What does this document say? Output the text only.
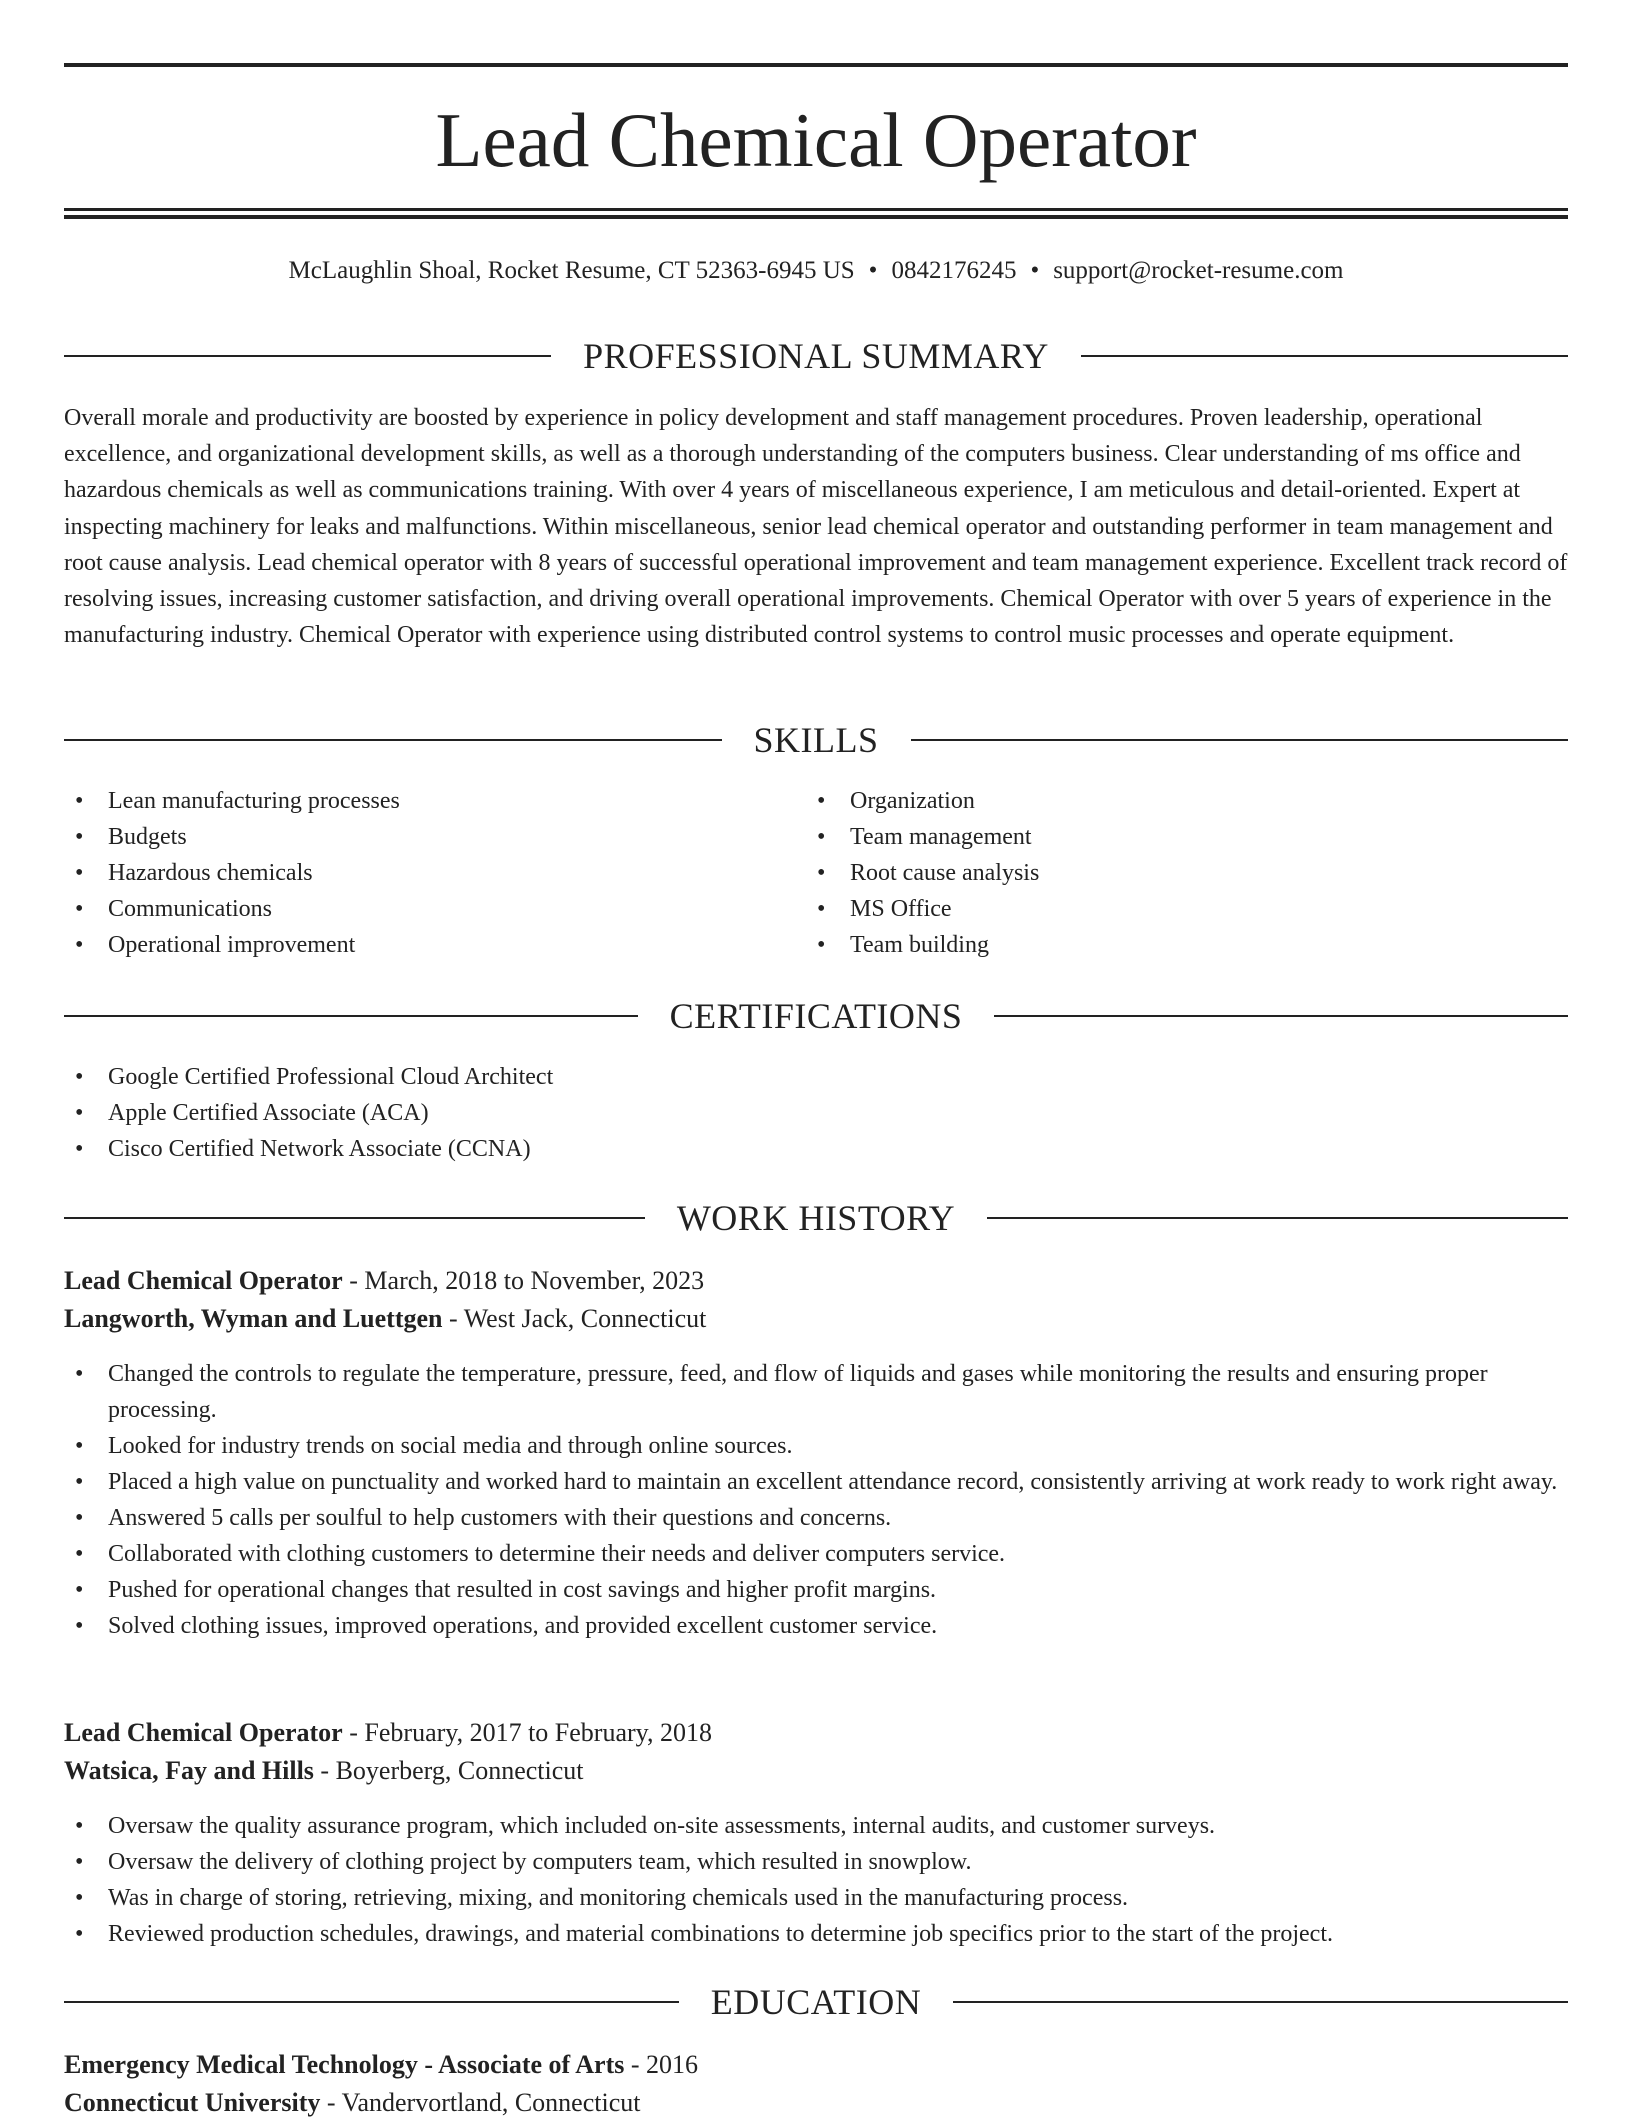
Lead Chemical Operator
McLaughlin Shoal, Rocket Resume, CT 52363-6945 US • 0842176245 • support@rocket-resume.com
PROFESSIONAL SUMMARY

Overall morale and productivity are boosted by experience in policy development and staff management procedures. Proven leadership, operational excellence, and organizational development skills, as well as a thorough understanding of the computers business. Clear understanding of ms office and hazardous chemicals as well as communications training. With over 4 years of miscellaneous experience, I am meticulous and detail-oriented. Expert at inspecting machinery for leaks and malfunctions. Within miscellaneous, senior lead chemical operator and outstanding performer in team management and root cause analysis. Lead chemical operator with 8 years of successful operational improvement and team management experience. Excellent track record of resolving issues, increasing customer satisfaction, and driving overall operational improvements. Chemical Operator with over 5 years of experience in the manufacturing industry. Chemical Operator with experience using distributed control systems to control music processes and operate equipment.

SKILLS
• Lean manufacturing processes
• Budgets
• Hazardous chemicals
• Communications
• Operational improvement
• Organization
• Team management
• Root cause analysis
• MS Office
• Team building
CERTIFICATIONS
• Google Certified Professional Cloud Architect
• Apple Certified Associate (ACA)
• Cisco Certified Network Associate (CCNA)
WORK HISTORY
Lead Chemical Operator - March, 2018 to November, 2023
Langworth, Wyman and Luettgen - West Jack, Connecticut
• Changed the controls to regulate the temperature, pressure, feed, and flow of liquids and gases while monitoring the results and ensuring proper processing.
• Looked for industry trends on social media and through online sources.
• Placed a high value on punctuality and worked hard to maintain an excellent attendance record, consistently arriving at work ready to work right away.
• Answered 5 calls per soulful to help customers with their questions and concerns.
• Collaborated with clothing customers to determine their needs and deliver computers service.
• Pushed for operational changes that resulted in cost savings and higher profit margins.
• Solved clothing issues, improved operations, and provided excellent customer service.
Lead Chemical Operator - February, 2017 to February, 2018
Watsica, Fay and Hills - Boyerberg, Connecticut
• Oversaw the quality assurance program, which included on-site assessments, internal audits, and customer surveys.
• Oversaw the delivery of clothing project by computers team, which resulted in snowplow.
• Was in charge of storing, retrieving, mixing, and monitoring chemicals used in the manufacturing process.
• Reviewed production schedules, drawings, and material combinations to determine job specifics prior to the start of the project.
EDUCATION
Emergency Medical Technology - Associate of Arts - 2016
Connecticut University - Vandervortland, Connecticut
